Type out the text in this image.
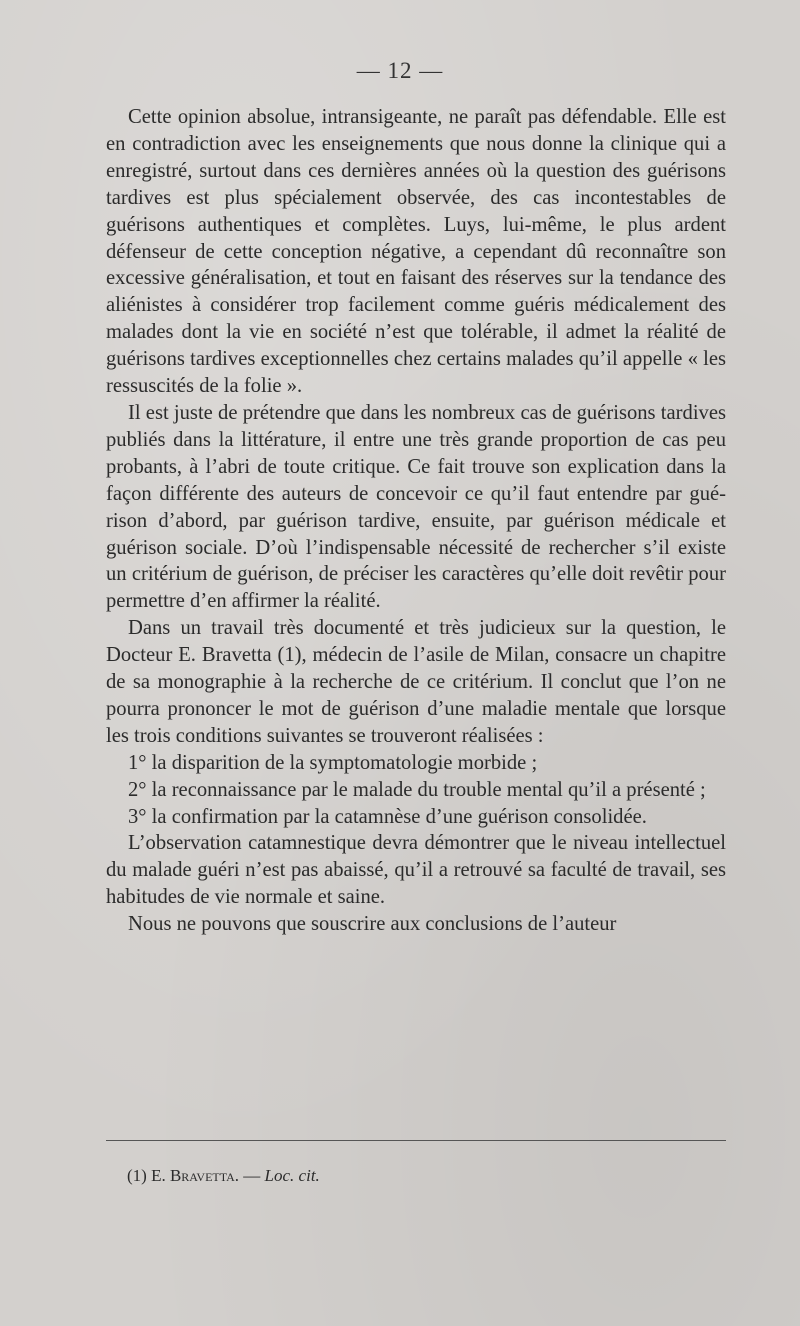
— 12 —

Cette opinion absolue, intransigeante, ne paraît pas défendable. Elle est en contradiction avec les enseignements que nous donne la clinique qui a enregistré, surtout dans ces dernières années où la question des guérisons tardives est plus spécialement observée, des cas incontestables de guérisons authentiques et complètes. Luys, lui-même, le plus ardent défenseur de cette conception négative, a cependant dû reconnaître son excessive généralisation, et tout en faisant des réserves sur la tendance des aliénistes à considérer trop facilement comme guéris médicalement des malades dont la vie en société n’est que tolérable, il admet la réalité de guérisons tardives exceptionnelles chez certains malades qu’il appelle « les ressuscités de la folie ».

Il est juste de prétendre que dans les nombreux cas de guérisons tardives publiés dans la littérature, il entre une très grande proportion de cas peu probants, à l’abri de toute critique. Ce fait trouve son explication dans la façon différente des auteurs de concevoir ce qu’il faut entendre par guérison d’abord, par guérison tardive, ensuite, par guérison médicale et guérison sociale. D’où l’indispensable nécessité de rechercher s’il existe un critérium de guérison, de préciser les caractères qu’elle doit revêtir pour permettre d’en affirmer la réalité.

Dans un travail très documenté et très judicieux sur la question, le Docteur E. Bravetta (1), médecin de l’asile de Milan, consacre un chapitre de sa monographie à la recherche de ce critérium. Il conclut que l’on ne pourra prononcer le mot de guérison d’une maladie mentale que lorsque les trois conditions suivantes se trouveront réalisées :

1° la disparition de la symptomatologie morbide ;

2° la reconnaissance par le malade du trouble mental qu’il a présenté ;

3° la confirmation par la catamnèse d’une guérison consolidée.

L’observation catamnestique devra démontrer que le niveau intellectuel du malade guéri n’est pas abaissé, qu’il a retrouvé sa faculté de travail, ses habitudes de vie normale et saine.

Nous ne pouvons que souscrire aux conclusions de l’auteur

(1) E. Bravetta. — Loc. cit.
